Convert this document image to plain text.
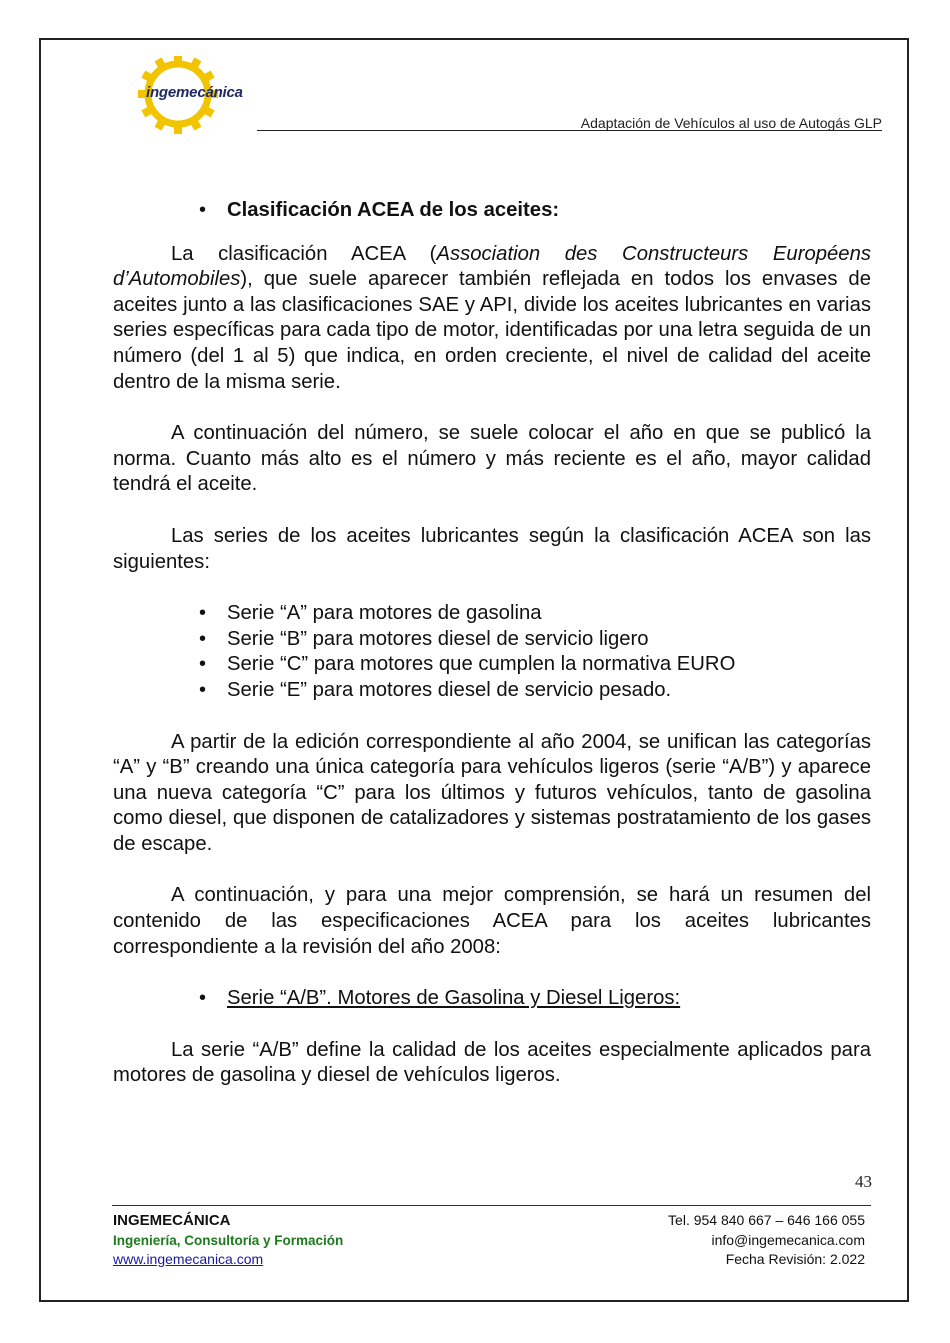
ingemecánica
Adaptación de Vehículos al uso de Autogás GLP
•	Clasificación ACEA de los aceites:

La clasificación ACEA (Association des Constructeurs Européens d’Automobiles), que suele aparecer también reflejada en todos los envases de aceites junto a las clasificaciones SAE y API, divide los aceites lubricantes en varias series específicas para cada tipo de motor, identificadas por una letra seguida de un número (del 1 al 5) que indica, en orden creciente, el nivel de calidad del aceite dentro de la misma serie.

A continuación del número, se suele colocar el año en que se publicó la norma. Cuanto más alto es el número y más reciente es el año, mayor calidad tendrá el aceite.

Las series de los aceites lubricantes según la clasificación ACEA son las siguientes:

•	Serie “A” para motores de gasolina
•	Serie “B” para motores diesel de servicio ligero
•	Serie “C” para motores que cumplen la normativa EURO
•	Serie “E” para motores diesel de servicio pesado.

A partir de la edición correspondiente al año 2004, se unifican las categorías “A” y “B” creando una única categoría para vehículos ligeros (serie “A/B”) y aparece una nueva categoría “C” para los últimos y futuros vehículos, tanto de gasolina como diesel, que disponen de catalizadores y sistemas postratamiento de los gases de escape.

A continuación, y para una mejor comprensión, se hará un resumen del contenido de las especificaciones ACEA para los aceites lubricantes correspondiente a la revisión del año 2008:

•	Serie “A/B”. Motores de Gasolina y Diesel Ligeros:

La serie “A/B” define la calidad de los aceites especialmente aplicados para motores de gasolina y diesel de vehículos ligeros.

43
INGEMECÁNICA
Ingeniería, Consultoría y Formación
www.ingemecanica.com
Tel. 954 840 667 – 646 166 055
info@ingemecanica.com
Fecha Revisión: 2.022
